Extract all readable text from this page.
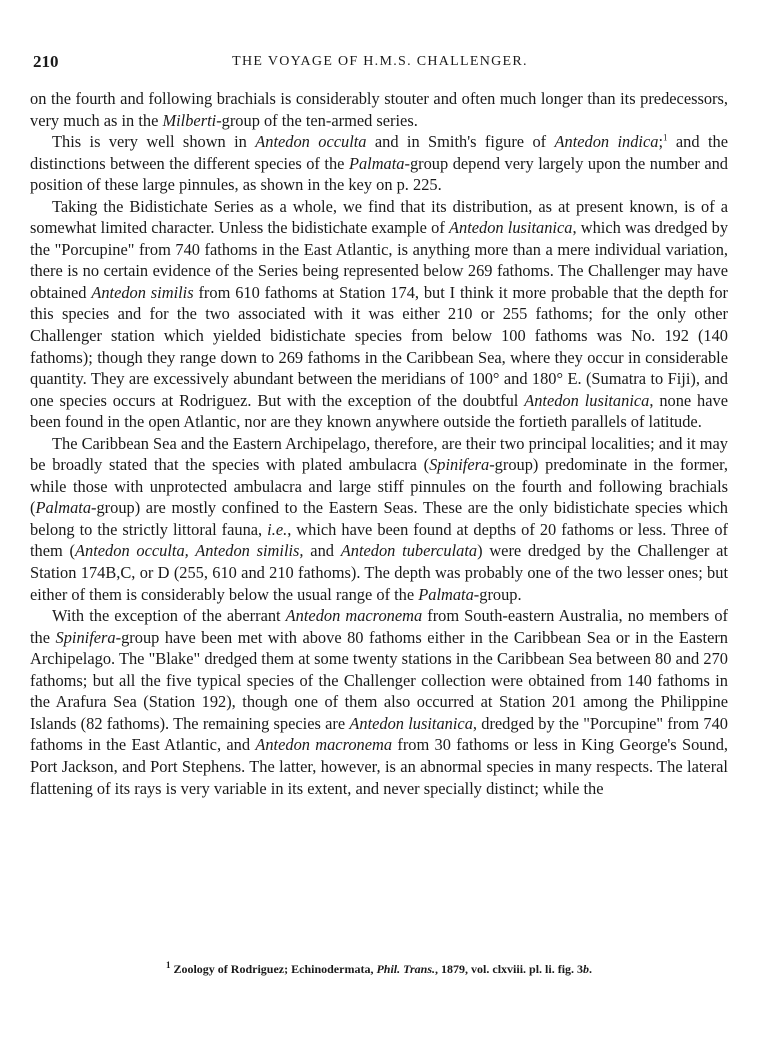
210	THE VOYAGE OF H.M.S. CHALLENGER.

on the fourth and following brachials is considerably stouter and often much longer than its predecessors, very much as in the Milberti-group of the ten-armed series.

This is very well shown in Antedon occulta and in Smith's figure of Antedon indica;$^1$ and the distinctions between the different species of the Palmata-group depend very largely upon the number and position of these large pinnules, as shown in the key on p. 225.

Taking the Bidistichate Series as a whole, we find that its distribution, as at present known, is of a somewhat limited character. Unless the bidistichate example of Antedon lusitanica, which was dredged by the "Porcupine" from 740 fathoms in the East Atlantic, is anything more than a mere individual variation, there is no certain evidence of the Series being represented below 269 fathoms. The Challenger may have obtained Antedon similis from 610 fathoms at Station 174, but I think it more probable that the depth for this species and for the two associated with it was either 210 or 255 fathoms; for the only other Challenger station which yielded bidistichate species from below 100 fathoms was No. 192 (140 fathoms); though they range down to 269 fathoms in the Caribbean Sea, where they occur in considerable quantity. They are excessively abundant between the meridians of 100° and 180° E. (Sumatra to Fiji), and one species occurs at Rodriguez. But with the exception of the doubtful Antedon lusitanica, none have been found in the open Atlantic, nor are they known anywhere outside the fortieth parallels of latitude.

The Caribbean Sea and the Eastern Archipelago, therefore, are their two principal localities; and it may be broadly stated that the species with plated ambulacra (Spinifera-group) predominate in the former, while those with unprotected ambulacra and large stiff pinnules on the fourth and following brachials (Palmata-group) are mostly confined to the Eastern Seas. These are the only bidistichate species which belong to the strictly littoral fauna, i.e., which have been found at depths of 20 fathoms or less. Three of them (Antedon occulta, Antedon similis, and Antedon tuberculata) were dredged by the Challenger at Station 174B,C, or D (255, 610 and 210 fathoms). The depth was probably one of the two lesser ones; but either of them is considerably below the usual range of the Palmata-group.

With the exception of the aberrant Antedon macronema from South-eastern Australia, no members of the Spinifera-group have been met with above 80 fathoms either in the Caribbean Sea or in the Eastern Archipelago. The "Blake" dredged them at some twenty stations in the Caribbean Sea between 80 and 270 fathoms; but all the five typical species of the Challenger collection were obtained from 140 fathoms in the Arafura Sea (Station 192), though one of them also occurred at Station 201 among the Philippine Islands (82 fathoms). The remaining species are Antedon lusitanica, dredged by the "Porcupine" from 740 fathoms in the East Atlantic, and Antedon macronema from 30 fathoms or less in King George's Sound, Port Jackson, and Port Stephens. The latter, however, is an abnormal species in many respects. The lateral flattening of its rays is very variable in its extent, and never specially distinct; while the

$^1$ Zoology of Rodriguez; Echinodermata, Phil. Trans., 1879, vol. clxviii. pl. li. fig. 3b.
